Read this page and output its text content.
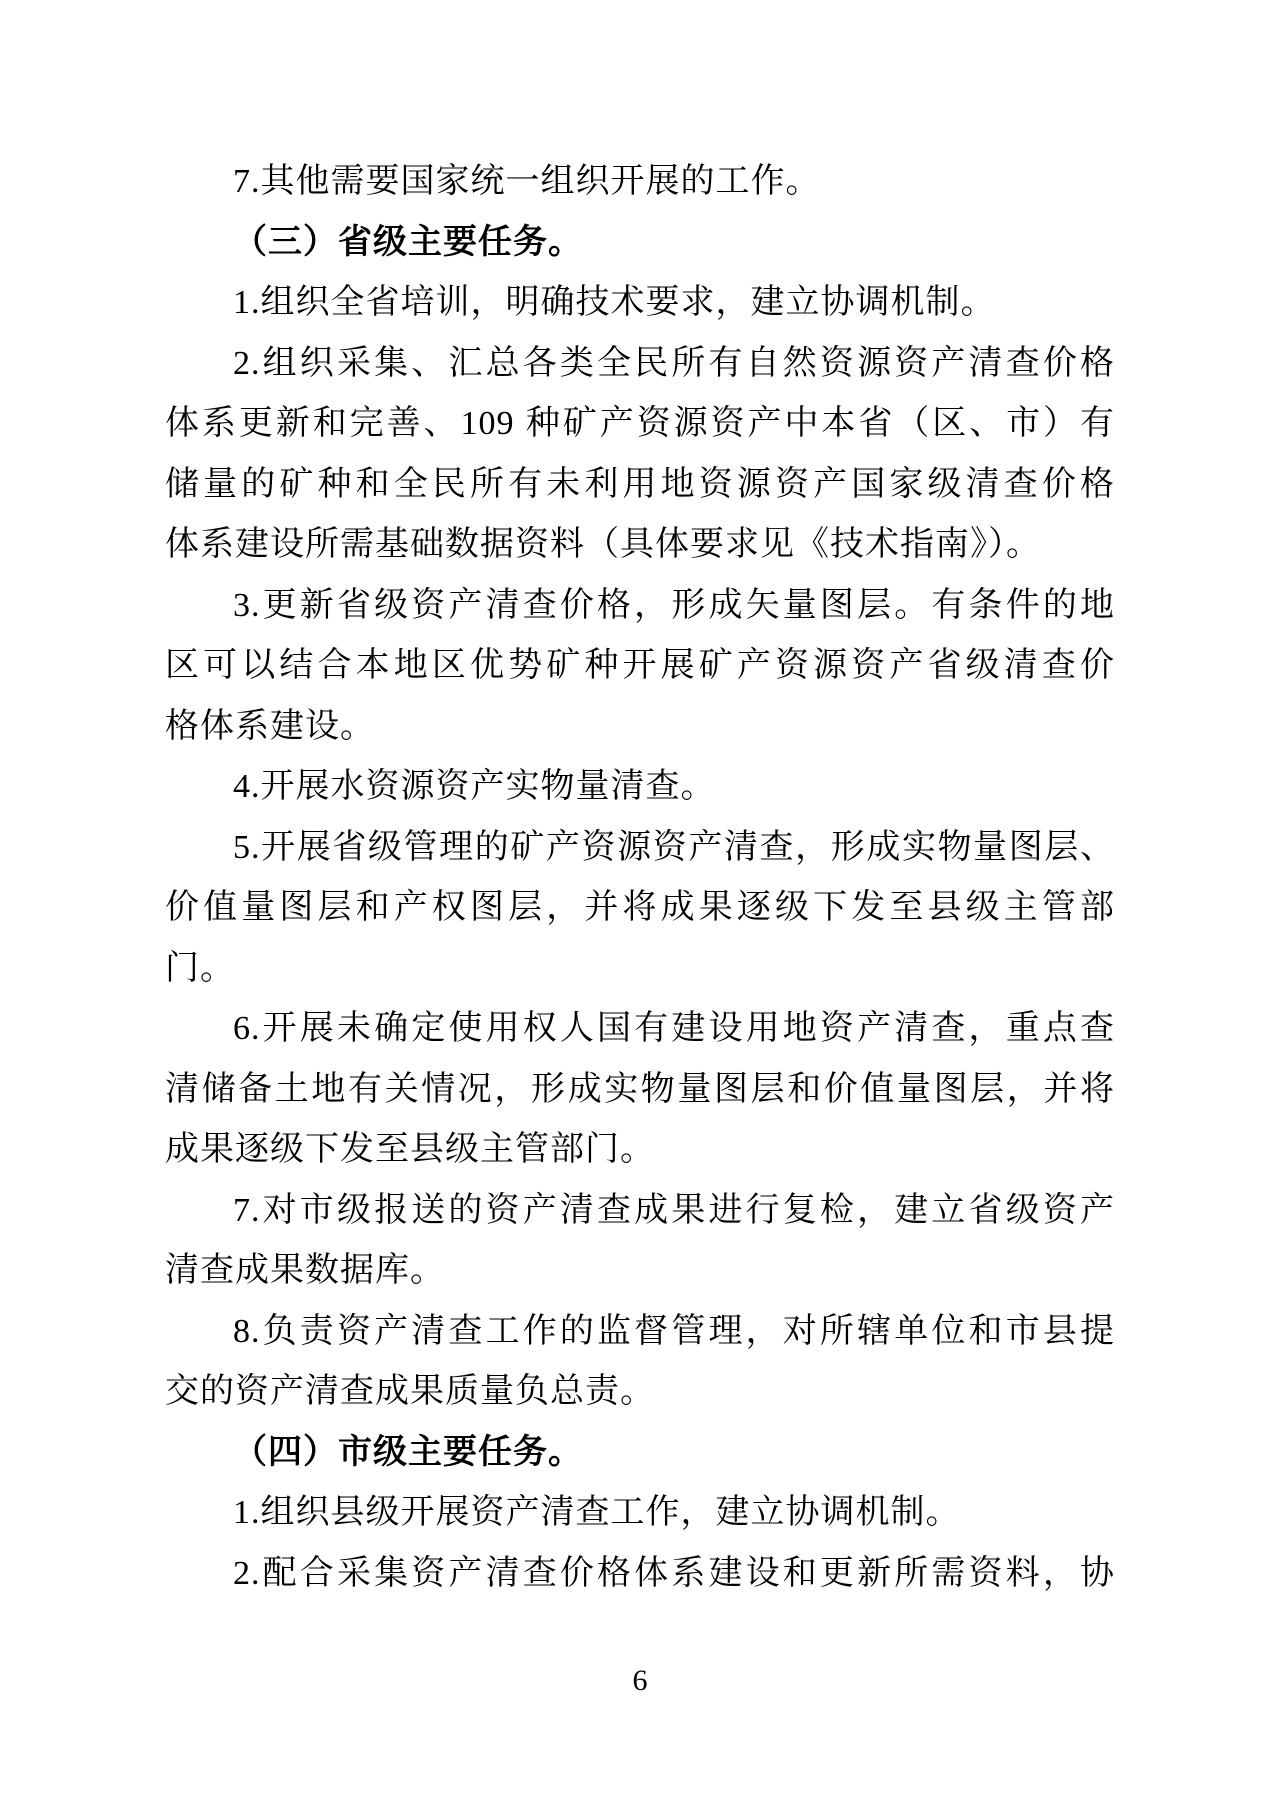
7.其他需要国家统一组织开展的工作。
（三）省级主要任务。
1.组织全省培训，明确技术要求，建立协调机制。
2.组织采集、汇总各类全民所有自然资源资产清查价格
体系更新和完善、109 种矿产资源资产中本省（区、市）有
储量的矿种和全民所有未利用地资源资产国家级清查价格
体系建设所需基础数据资料（具体要求见《技术指南》）。
3.更新省级资产清查价格，形成矢量图层。有条件的地
区可以结合本地区优势矿种开展矿产资源资产省级清查价
格体系建设。
4.开展水资源资产实物量清查。
5.开展省级管理的矿产资源资产清查，形成实物量图层、
价值量图层和产权图层，并将成果逐级下发至县级主管部
门。
6.开展未确定使用权人国有建设用地资产清查，重点查
清储备土地有关情况，形成实物量图层和价值量图层，并将
成果逐级下发至县级主管部门。
7.对市级报送的资产清查成果进行复检，建立省级资产
清查成果数据库。
8.负责资产清查工作的监督管理，对所辖单位和市县提
交的资产清查成果质量负总责。
（四）市级主要任务。
1.组织县级开展资产清查工作，建立协调机制。
2.配合采集资产清查价格体系建设和更新所需资料，协
6
